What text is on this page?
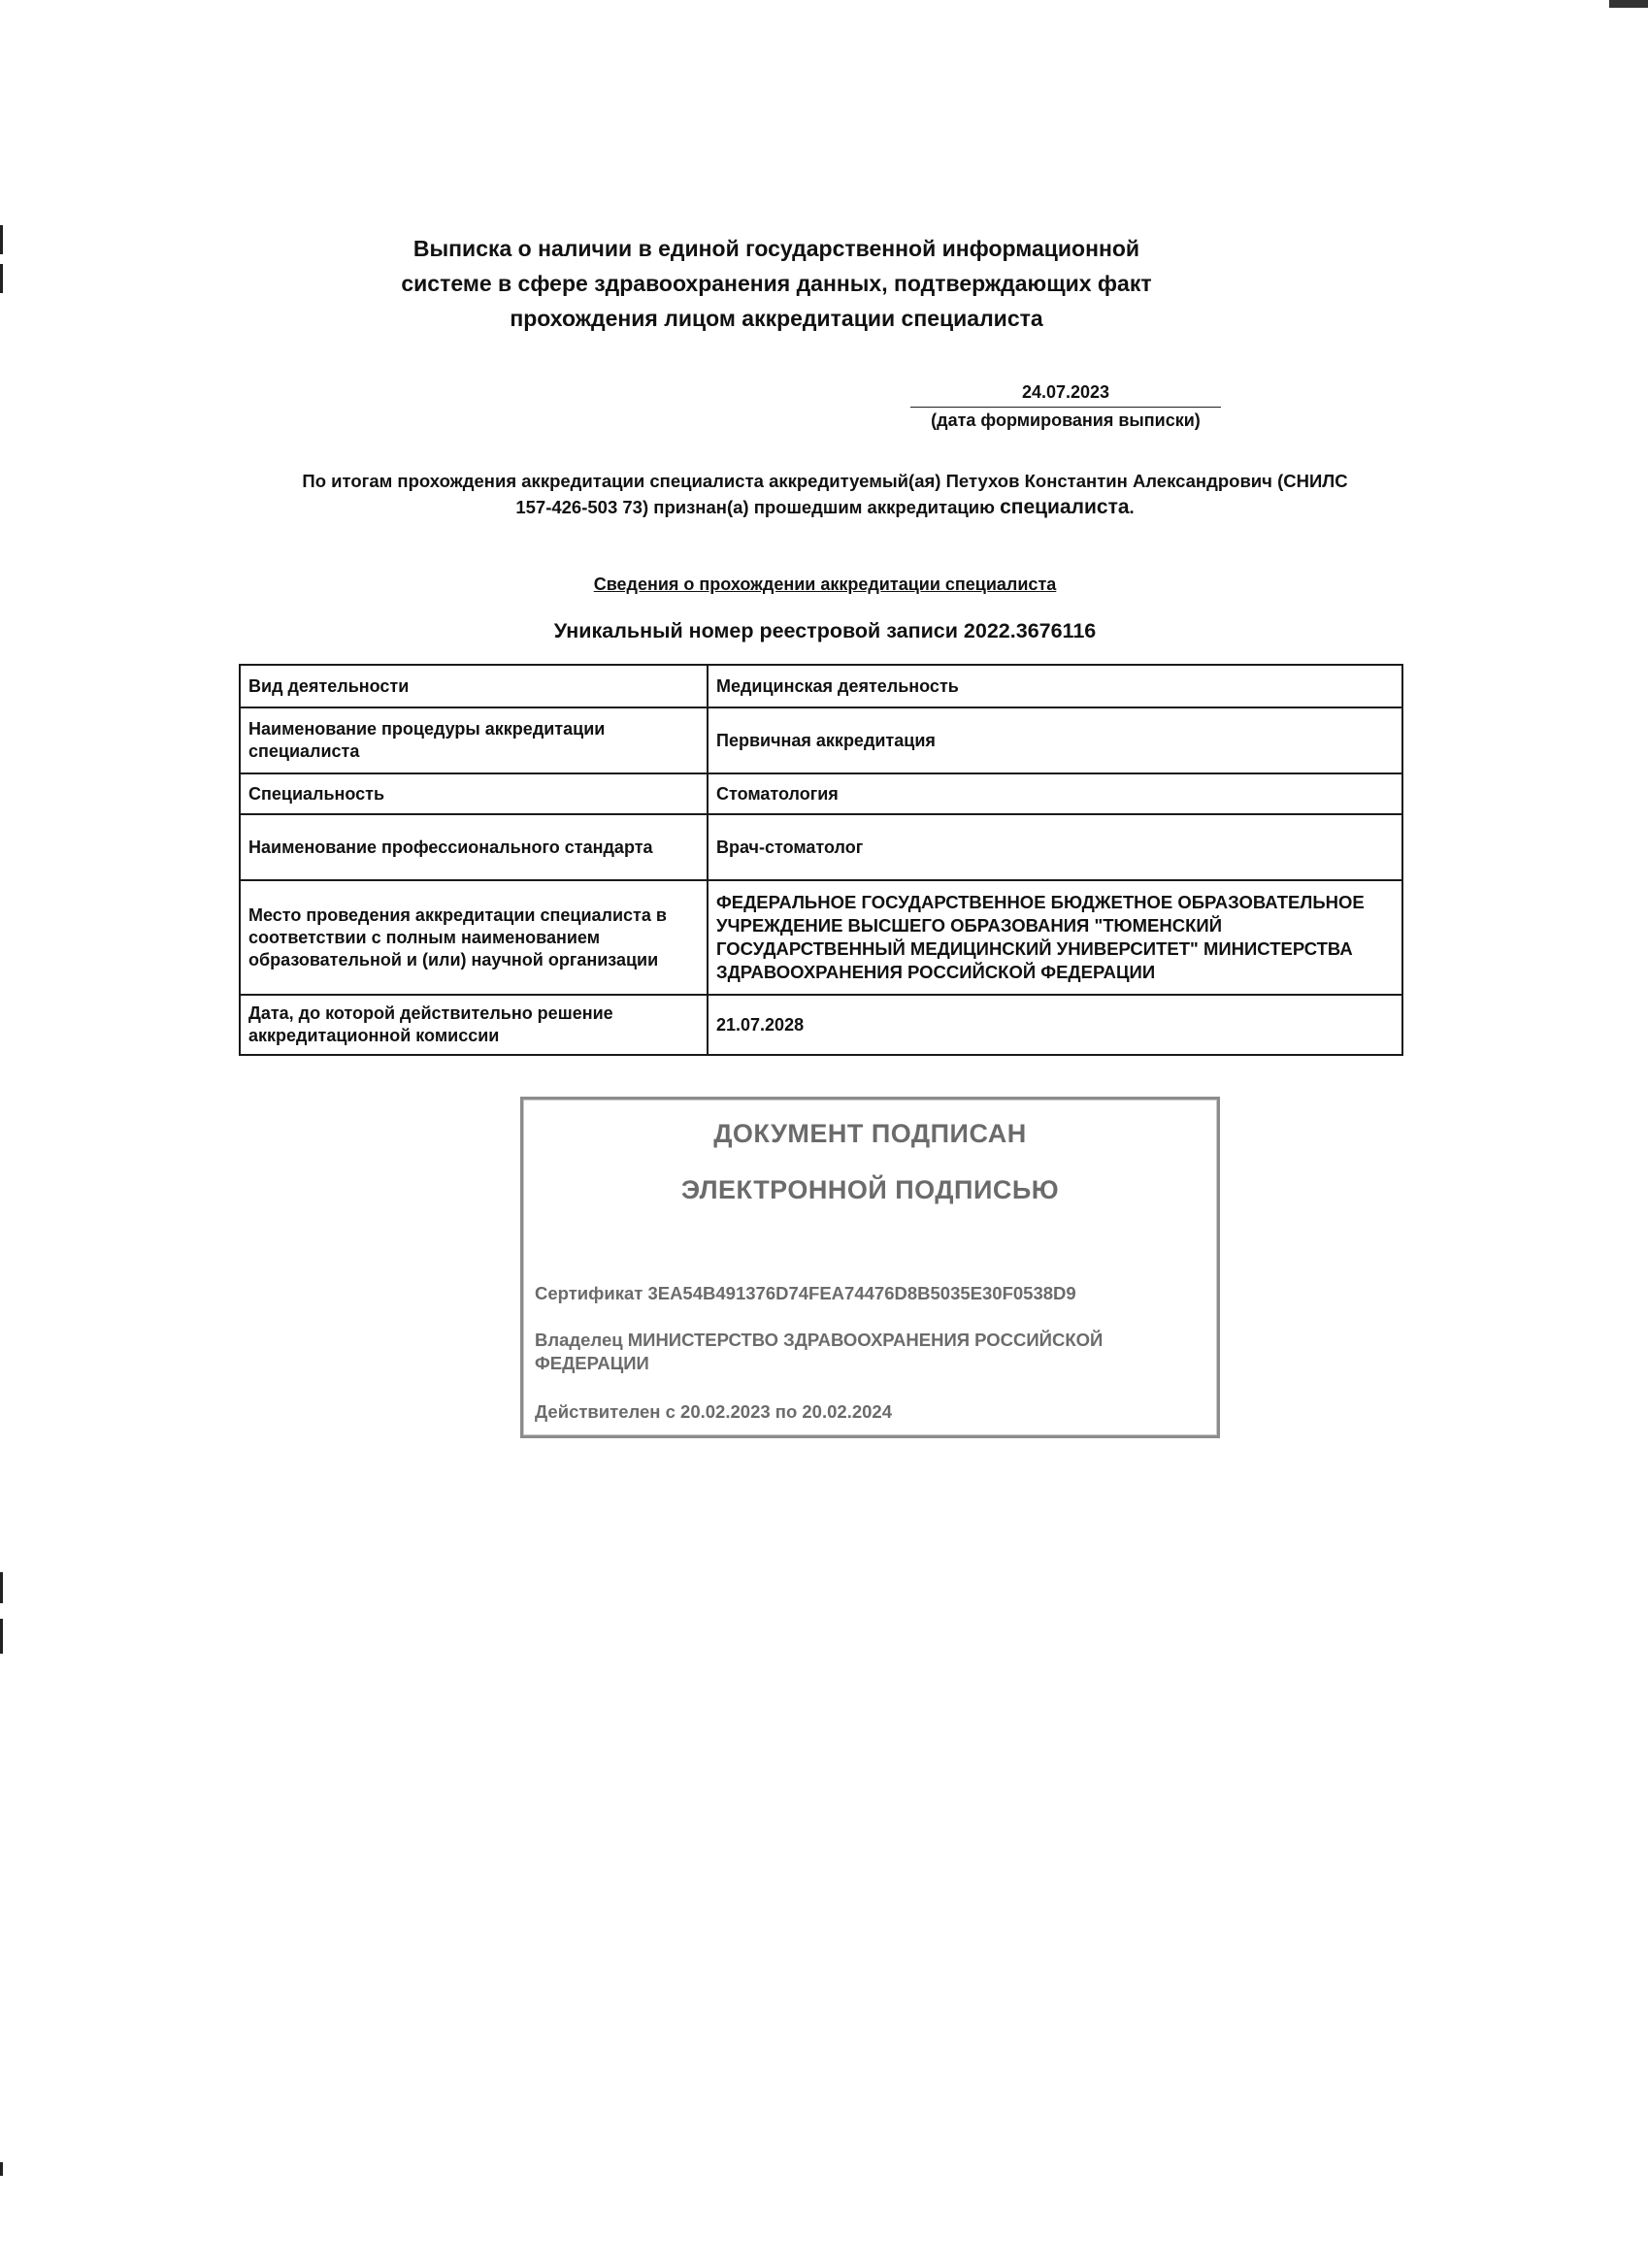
Выписка о наличии в единой государственной информационной
системе в сфере здравоохранения данных, подтверждающих факт
прохождения лицом аккредитации специалиста
24.07.2023
(дата формирования выписки)
По итогам прохождения аккредитации специалиста аккредитуемый(ая) Петухов Константин Александрович (СНИЛС
157-426-503 73) признан(а) прошедшим аккредитацию специалиста.
Сведения о прохождении аккредитации специалиста
Уникальный номер реестровой записи 2022.3676116
Вид деятельности	Медицинская деятельность
Наименование процедуры аккредитации специалиста	Первичная аккредитация
Специальность	Стоматология
Наименование профессионального стандарта	Врач-стоматолог
Место проведения аккредитации специалиста в соответствии с полным наименованием образовательной и (или) научной организации	ФЕДЕРАЛЬНОЕ ГОСУДАРСТВЕННОЕ БЮДЖЕТНОЕ ОБРАЗОВАТЕЛЬНОЕ УЧРЕЖДЕНИЕ ВЫСШЕГО ОБРАЗОВАНИЯ "ТЮМЕНСКИЙ ГОСУДАРСТВЕННЫЙ МЕДИЦИНСКИЙ УНИВЕРСИТЕТ" МИНИСТЕРСТВА ЗДРАВООХРАНЕНИЯ РОССИЙСКОЙ ФЕДЕРАЦИИ
Дата, до которой действительно решение аккредитационной комиссии	21.07.2028
ДОКУМЕНТ ПОДПИСАН
ЭЛЕКТРОННОЙ ПОДПИСЬЮ
Сертификат 3EA54B491376D74FEA74476D8B5035E30F0538D9
Владелец МИНИСТЕРСТВО ЗДРАВООХРАНЕНИЯ РОССИЙСКОЙ ФЕДЕРАЦИИ
Действителен с 20.02.2023 по 20.02.2024
